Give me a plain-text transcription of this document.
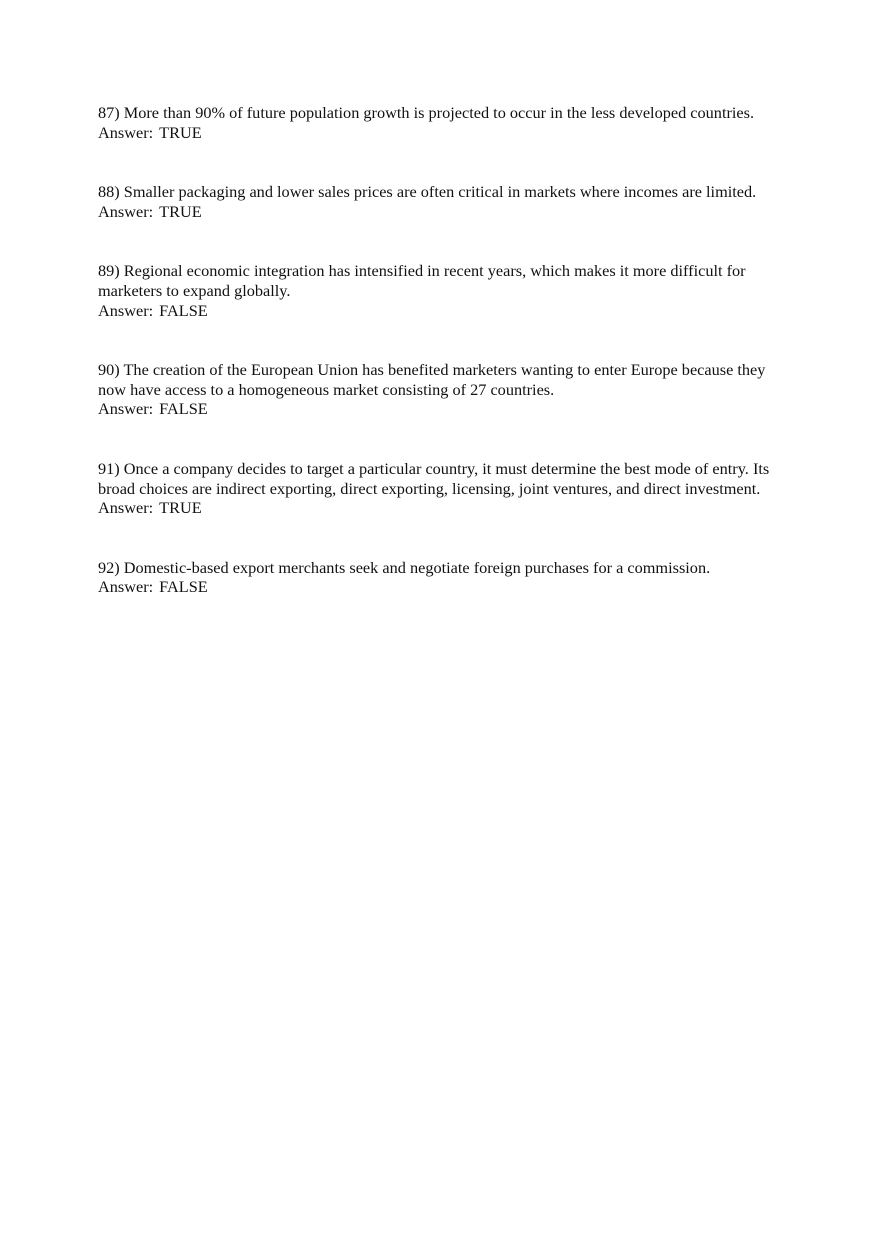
87) More than 90% of future population growth is projected to occur in the less developed countries.

Answer: TRUE

88) Smaller packaging and lower sales prices are often critical in markets where incomes are limited.

Answer: TRUE

89) Regional economic integration has intensified in recent years, which makes it more difficult for marketers to expand globally.

Answer: FALSE

90) The creation of the European Union has benefited marketers wanting to enter Europe because they now have access to a homogeneous market consisting of 27 countries.

Answer: FALSE

91) Once a company decides to target a particular country, it must determine the best mode of entry. Its broad choices are indirect exporting, direct exporting, licensing, joint ventures, and direct investment.

Answer: TRUE

92) Domestic-based export merchants seek and negotiate foreign purchases for a commission.

Answer: FALSE
